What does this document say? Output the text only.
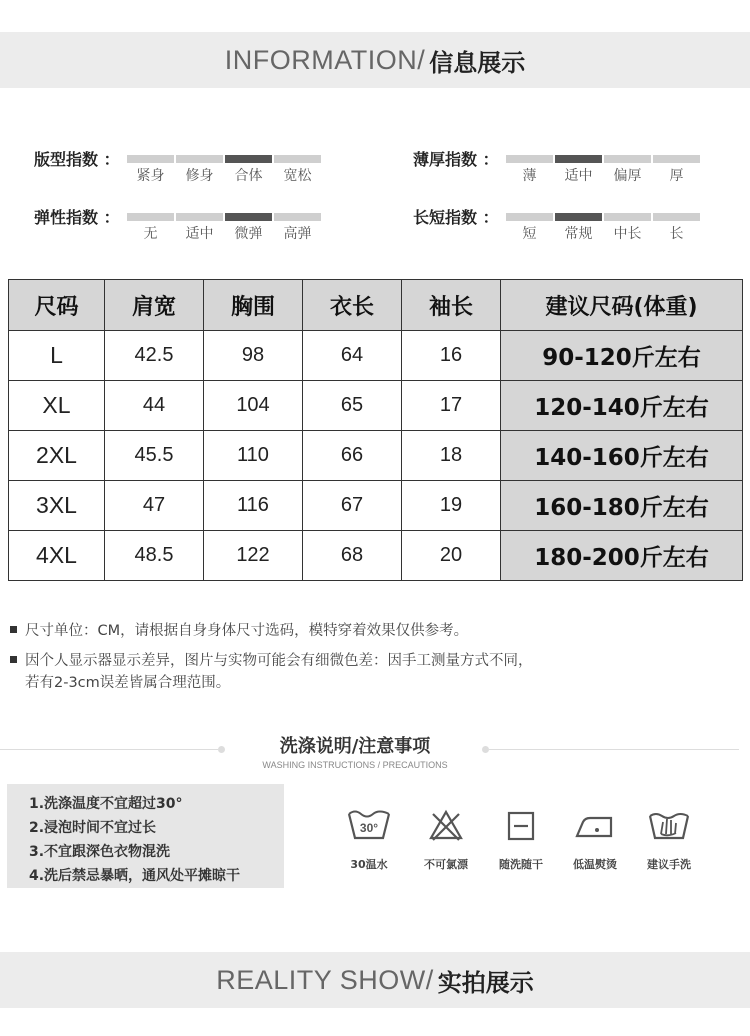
INFORMATION/ 信息展示
版型指数 ：
紧身	修身	合体	宽松
薄厚指数 ：
薄	适中	偏厚	厚
弹性指数 ：
无	适中	微弹	高弹
长短指数 ：
短	常规	中长	长
尺码	肩宽	胸围	衣长	袖长	建议尺码(体重)
L	42.5	98	64	16	90-120斤左右
XL	44	104	65	17	120-140斤左右
2XL	45.5	110	66	18	140-160斤左右
3XL	47	116	67	19	160-180斤左右
4XL	48.5	122	68	20	180-200斤左右
尺寸单位：CM，请根据自身身体尺寸选码，模特穿着效果仅供参考。
因个人显示器显示差异，图片与实物可能会有细微色差：因手工测量方式不同，
若有2-3cm误差皆属合理范围。
洗涤说明/注意事项
WASHING INSTRUCTIONS / PRECAUTIONS
1.洗涤温度不宜超过30°
2.浸泡时间不宜过长
3.不宜跟深色衣物混洗
4.洗后禁忌暴晒，通风处平摊晾干
30°
30温水	不可氯漂	随洗随干	低温熨烫	建议手洗
REALITY SHOW/ 实拍展示
